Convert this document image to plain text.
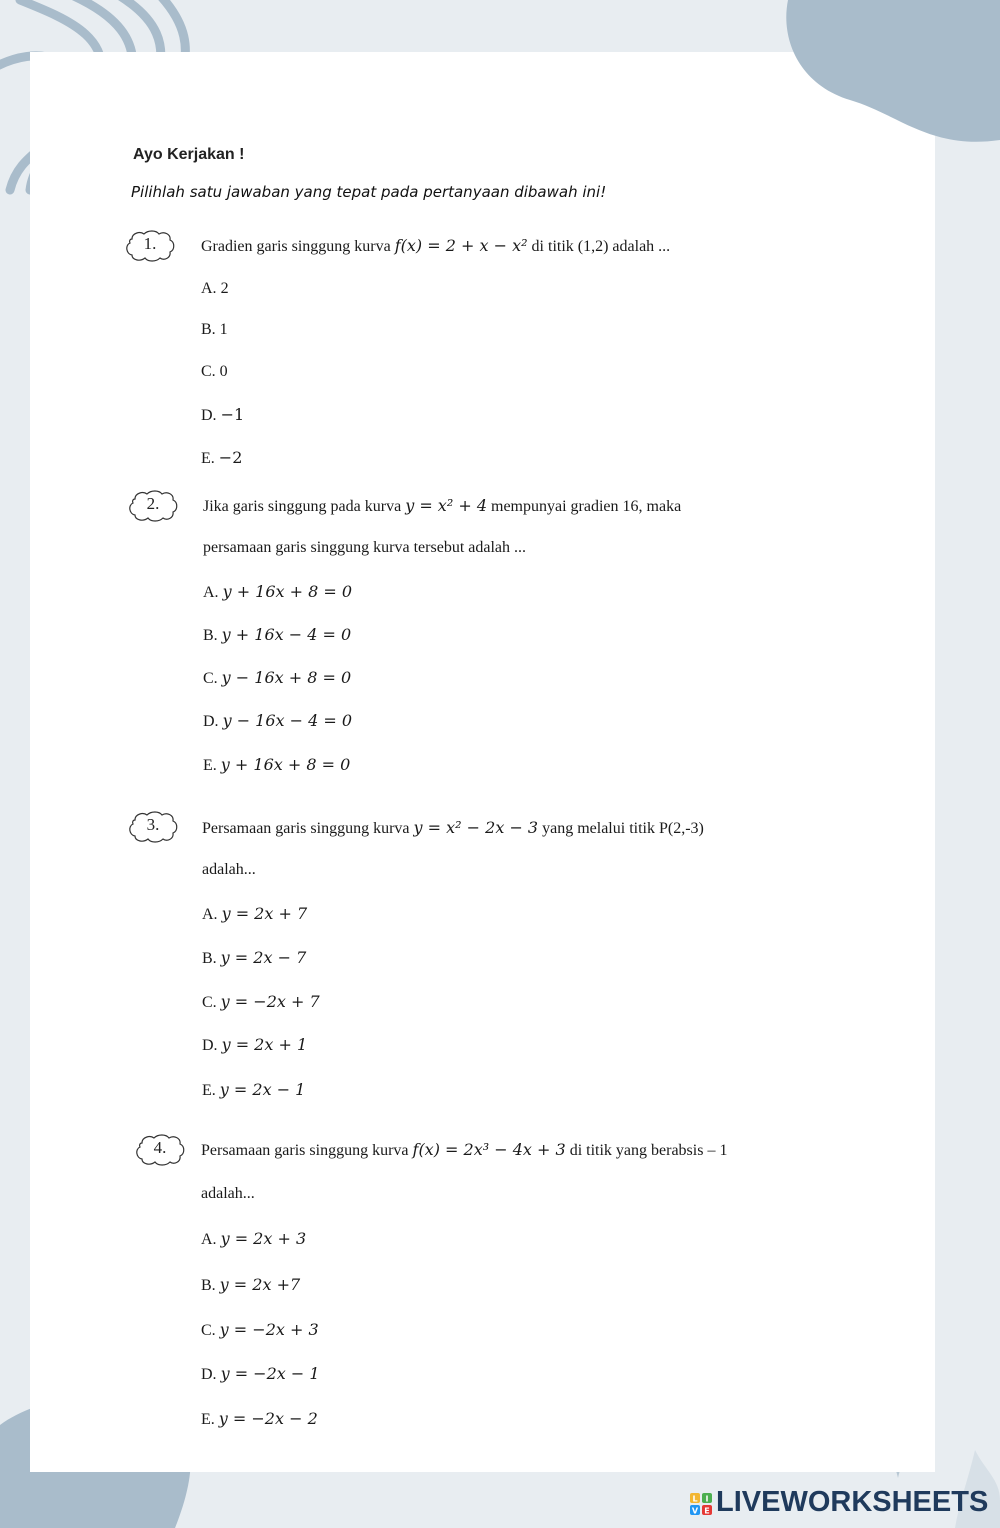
Ayo Kerjakan !
Pilihlah satu jawaban yang tepat pada pertanyaan dibawah ini!
1.	Gradien garis singgung kurva f(x) = 2 + x − x² di titik (1,2) adalah ...
A. 2
B. 1
C. 0
D. −1
E. −2
2.	Jika garis singgung pada kurva y = x² + 4 mempunyai gradien 16, maka
persamaan garis singgung kurva tersebut adalah ...
A. y + 16x + 8 = 0
B. y + 16x − 4 = 0
C. y − 16x + 8 = 0
D. y − 16x − 4 = 0
E. y + 16x + 8 = 0
3.	Persamaan garis singgung kurva y = x² − 2x − 3 yang melalui titik P(2,-3)
adalah...
A. y = 2x + 7
B. y = 2x − 7
C. y = −2x + 7
D. y = 2x + 1
E. y = 2x − 1
4.	Persamaan garis singgung kurva f(x) = 2x³ − 4x + 3 di titik yang berabsis – 1
adalah...
A. y = 2x + 3
B. y = 2x +7
C. y = −2x + 3
D. y = −2x − 1
E. y = −2x − 2
L I
V E LIVEWORKSHEETS
